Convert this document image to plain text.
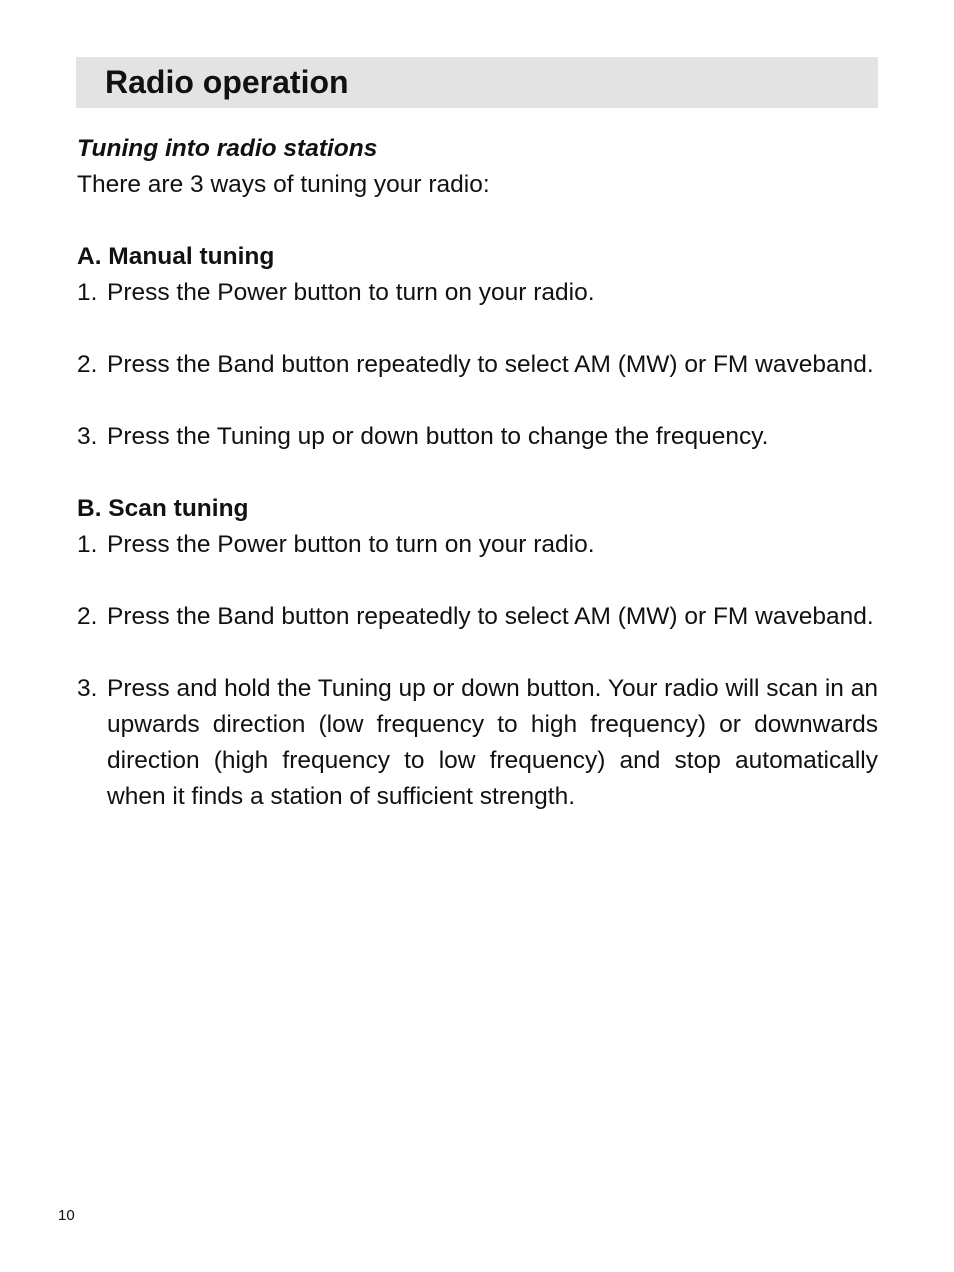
Radio operation

Tuning into radio stations

There are 3 ways of tuning your radio:

A. Manual tuning

1. Press the Power button to turn on your radio.
2. Press the Band button repeatedly to select AM (MW) or FM waveband.
3. Press the Tuning up or down button to change the frequency.

B. Scan tuning

1. Press the Power button to turn on your radio.
2. Press the Band button repeatedly to select AM (MW) or FM waveband.
3. Press and hold the Tuning up or down button. Your radio will scan in an upwards direction (low frequency to high frequency) or downwards direction (high frequency to low frequency) and stop automatically when it finds a station of sufficient strength.
10
